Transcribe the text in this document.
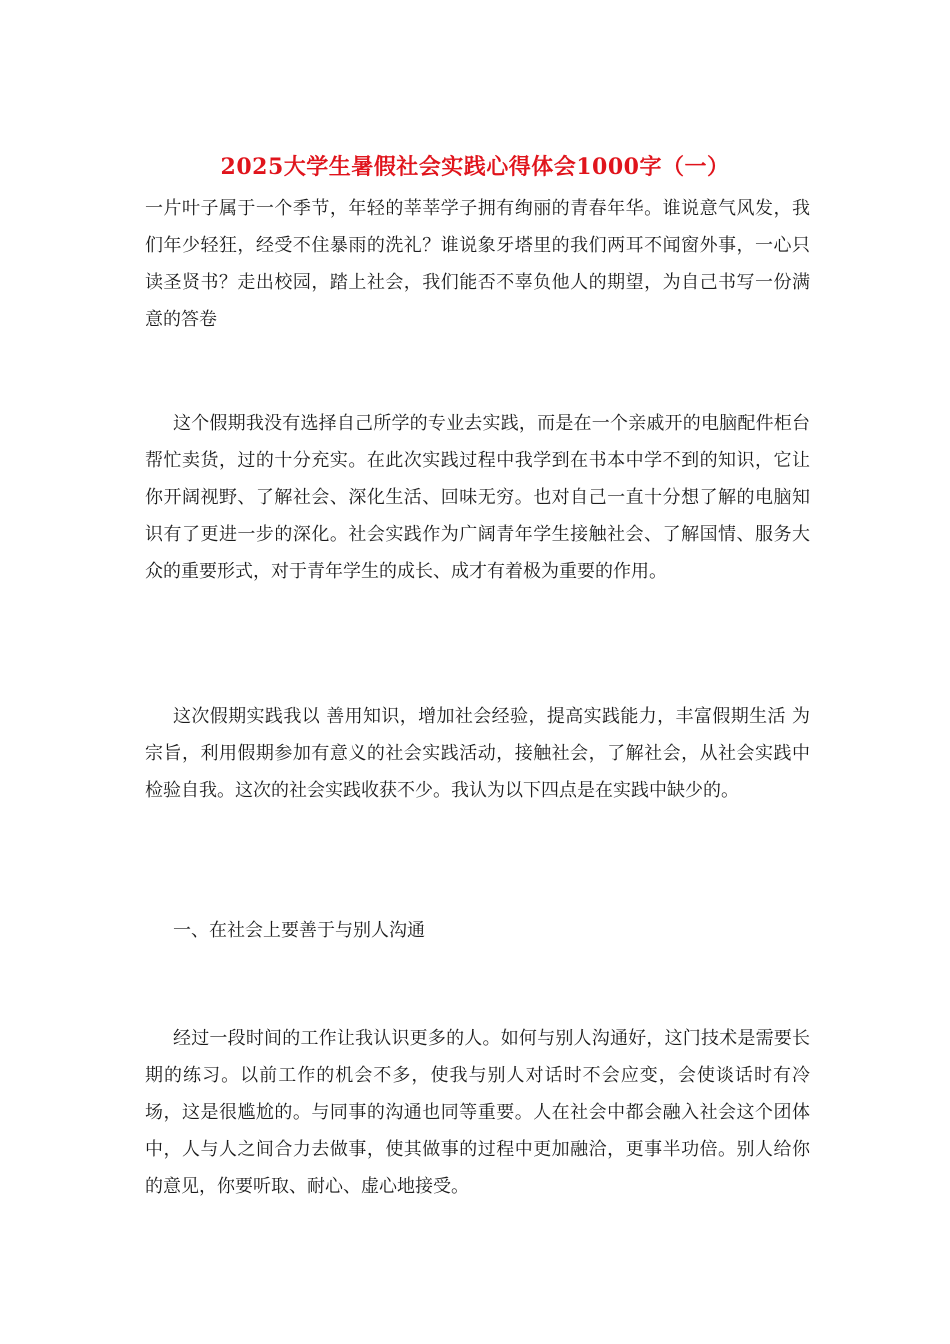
2025大学生暑假社会实践心得体会1000字（一）

一片叶子属于一个季节，年轻的莘莘学子拥有绚丽的青春年华。谁说意气风发，我们年少轻狂，经受不住暴雨的洗礼？谁说象牙塔里的我们两耳不闻窗外事，一心只读圣贤书？走出校园，踏上社会，我们能否不辜负他人的期望，为自己书写一份满意的答卷

这个假期我没有选择自己所学的专业去实践，而是在一个亲戚开的电脑配件柜台帮忙卖货，过的十分充实。在此次实践过程中我学到在书本中学不到的知识，它让你开阔视野、了解社会、深化生活、回味无穷。也对自己一直十分想了解的电脑知识有了更进一步的深化。社会实践作为广阔青年学生接触社会、了解国情、服务大众的重要形式，对于青年学生的成长、成才有着极为重要的作用。

这次假期实践我以 善用知识，增加社会经验，提高实践能力，丰富假期生活 为宗旨，利用假期参加有意义的社会实践活动，接触社会，了解社会，从社会实践中检验自我。这次的社会实践收获不少。我认为以下四点是在实践中缺少的。

一、在社会上要善于与别人沟通

经过一段时间的工作让我认识更多的人。如何与别人沟通好，这门技术是需要长期的练习。以前工作的机会不多，使我与别人对话时不会应变，会使谈话时有冷场，这是很尴尬的。与同事的沟通也同等重要。人在社会中都会融入社会这个团体中，人与人之间合力去做事，使其做事的过程中更加融洽，更事半功倍。别人给你的意见，你要听取、耐心、虚心地接受。
